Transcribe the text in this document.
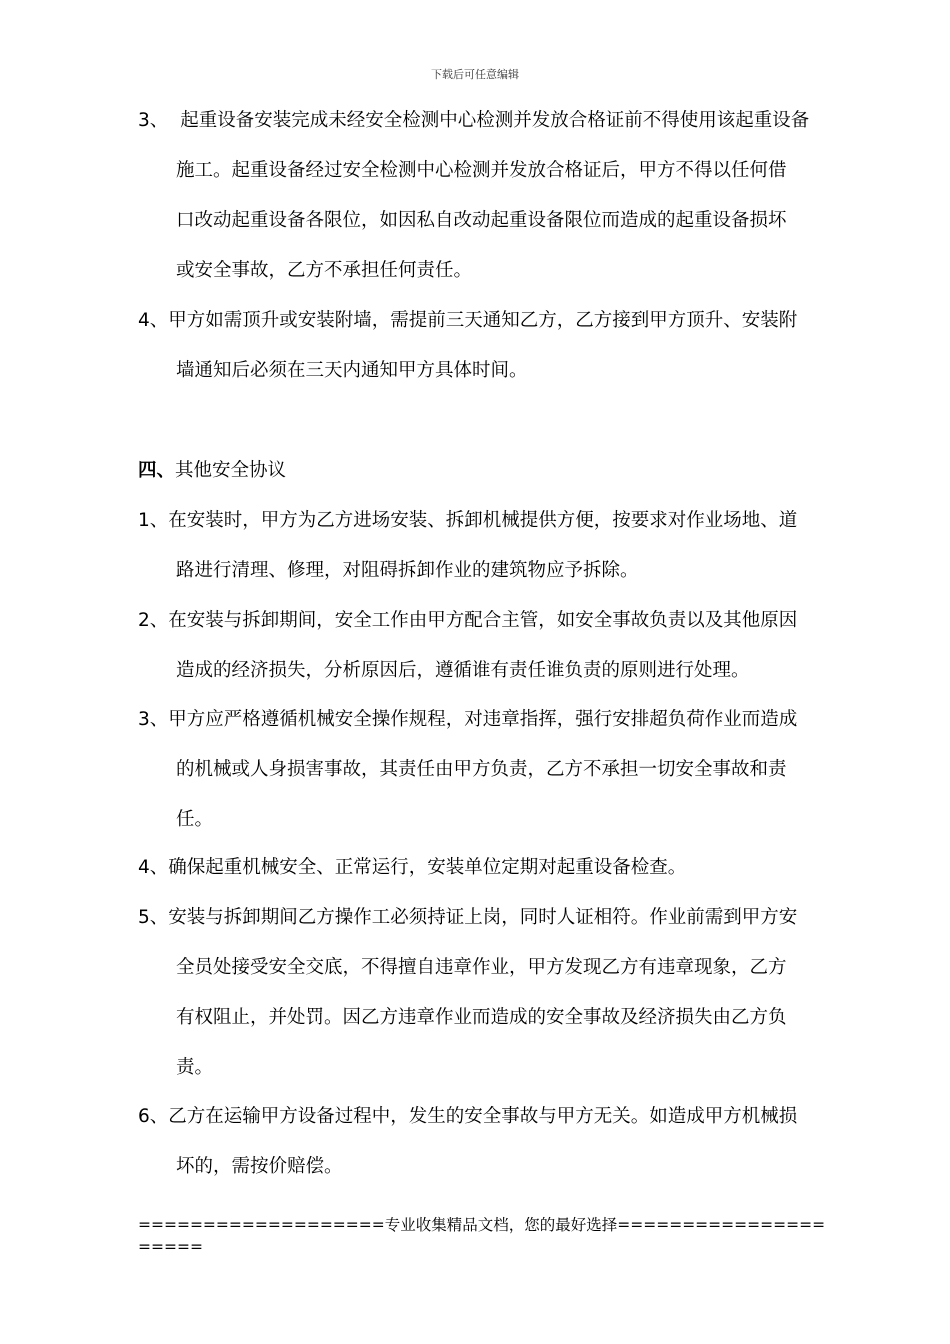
下载后可任意编辑
3、 起重设备安装完成未经安全检测中心检测并发放合格证前不得使用该起重设备
施工。起重设备经过安全检测中心检测并发放合格证后，甲方不得以任何借
口改动起重设备各限位，如因私自改动起重设备限位而造成的起重设备损坏
或安全事故，乙方不承担任何责任。
4、甲方如需顶升或安装附墙，需提前三天通知乙方，乙方接到甲方顶升、安装附
墙通知后必须在三天内通知甲方具体时间。
四、其他安全协议
1、在安装时，甲方为乙方进场安装、拆卸机械提供方便，按要求对作业场地、道
路进行清理、修理，对阻碍拆卸作业的建筑物应予拆除。
2、在安装与拆卸期间，安全工作由甲方配合主管，如安全事故负责以及其他原因
造成的经济损失，分析原因后，遵循谁有责任谁负责的原则进行处理。
3、甲方应严格遵循机械安全操作规程，对违章指挥，强行安排超负荷作业而造成
的机械或人身损害事故，其责任由甲方负责，乙方不承担一切安全事故和责
任。
4、确保起重机械安全、正常运行，安装单位定期对起重设备检查。
5、安装与拆卸期间乙方操作工必须持证上岗，同时人证相符。作业前需到甲方安
全员处接受安全交底，不得擅自违章作业，甲方发现乙方有违章现象，乙方
有权阻止，并处罚。因乙方违章作业而造成的安全事故及经济损失由乙方负
责。
6、乙方在运输甲方设备过程中，发生的安全事故与甲方无关。如造成甲方机械损
坏的，需按价赔偿。
===================专业收集精品文档，您的最好选择=====================
